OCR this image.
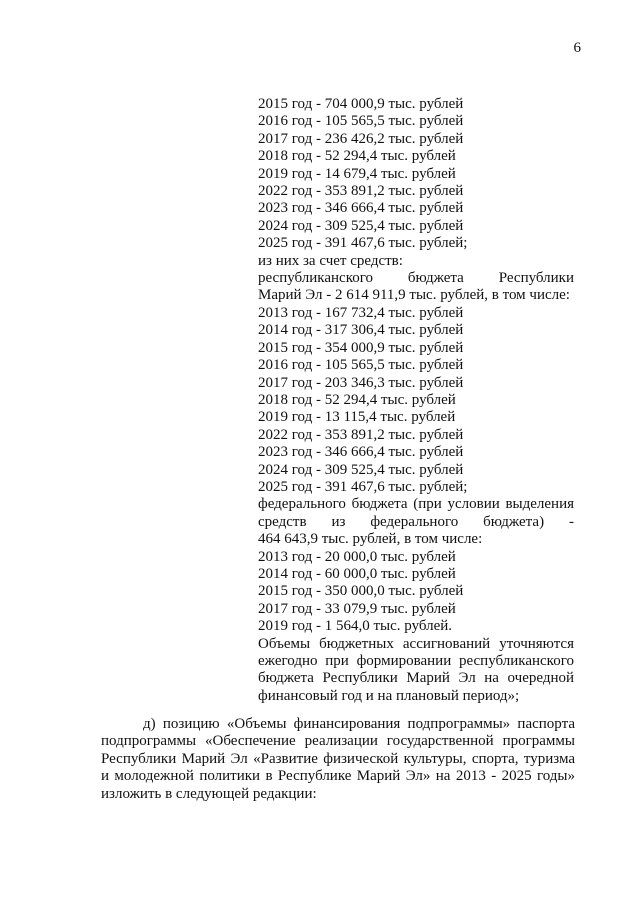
6
2015 год - 704 000,9 тыс. рублей
2016 год - 105 565,5 тыс. рублей
2017 год - 236 426,2 тыс. рублей
2018 год - 52 294,4 тыс. рублей
2019 год - 14 679,4 тыс. рублей
2022 год - 353 891,2 тыс. рублей
2023 год - 346 666,4 тыс. рублей
2024 год - 309 525,4 тыс. рублей
2025 год - 391 467,6 тыс. рублей;
из них за счет средств:
республиканского бюджета Республики
Марий Эл - 2 614 911,9 тыс. рублей, в том числе:
2013 год - 167 732,4 тыс. рублей
2014 год - 317 306,4 тыс. рублей
2015 год - 354 000,9 тыс. рублей
2016 год - 105 565,5 тыс. рублей
2017 год - 203 346,3 тыс. рублей
2018 год - 52 294,4 тыс. рублей
2019 год - 13 115,4 тыс. рублей
2022 год - 353 891,2 тыс. рублей
2023 год - 346 666,4 тыс. рублей
2024 год - 309 525,4 тыс. рублей
2025 год - 391 467,6 тыс. рублей;
федерального бюджета (при условии выделения
средств из федерального бюджета) -
464 643,9 тыс. рублей, в том числе:
2013 год - 20 000,0 тыс. рублей
2014 год - 60 000,0 тыс. рублей
2015 год - 350 000,0 тыс. рублей
2017 год - 33 079,9 тыс. рублей
2019 год - 1 564,0 тыс. рублей.
Объемы бюджетных ассигнований уточняются
ежегодно при формировании республиканского
бюджета Республики Марий Эл на очередной
финансовый год и на плановый период»;
д) позицию «Объемы финансирования подпрограммы» паспорта
подпрограммы «Обеспечение реализации государственной программы
Республики Марий Эл «Развитие физической культуры, спорта, туризма
и молодежной политики в Республике Марий Эл» на 2013 - 2025 годы»
изложить в следующей редакции:
